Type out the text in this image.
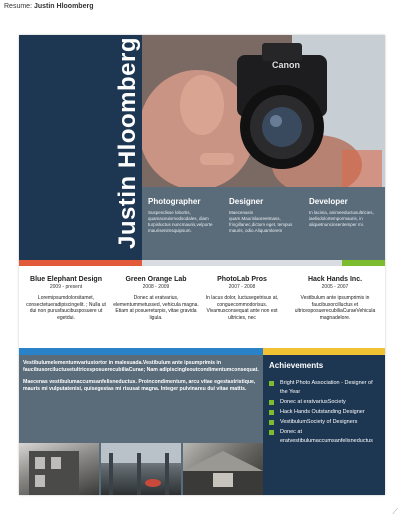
Resume: Justin Hloomberg
Justin Hloomberg	Canon
Photographer

Suspendisse lobortis, quamaceuismodsodales, diam turpisluctus nuncmauris,velporte maurisenimsquipsum.

Designer

Maecenasin quam.Maurislaoreetmass, fringillanec,dictum eget, tempus mauris, odio.Aliquamlorem

Developer

In lacinia, animeeductusultricies, iaelisdolortempormauris, in aliquetnuncinsentemper mi.

Blue Elephant Design
2009 - present

Loremipsumdolorsitamet, consectetueradipiscingelit. ; Nulla ut dui non purusfaucibusposuere ut egetdui.

Green Orange Lab
2008 - 2009

Donec at eratvarius, elementummetussed, vehicula magna. Etiam at posuereturpis, vitae gravida ligula.

PhotoLab Pros
2007 - 2008

In lacus dolor, luctusegetrisus at, conguecommodorisus. Vivamusconsequat ante non est ultricies, nec

Hack Hands Inc.
2005 - 2007

Vestibulum ante ipsumprimis in faucibusorcilluctus et ultricesposuerecubiliaCuraeVehicula magnadelore.

Vestibulumelementumvariustortor in malesuada.Vestibulum ante ipsumprimis in faucibusorciluctusetultricesposuerecubiliaCurae; Nam adipiscingleoutcondimentumconsequat.

Maecenas vestibulumaccumsanfelisneductus. Proincondimentum, arcu vitae egestastristique, mauris mi vulputatenisi, quisegestas mi risusat magna. Integer pulvinareu dui vitae mattis.

Achievements
Bright Photo Association - Designer of the Year
Donec at eratvariusSociety
Hack Hands Outstanding Designer
VestibulumSociety of Designers
Donec at eratvestibulumaccumsanfelisneductus
⟋
